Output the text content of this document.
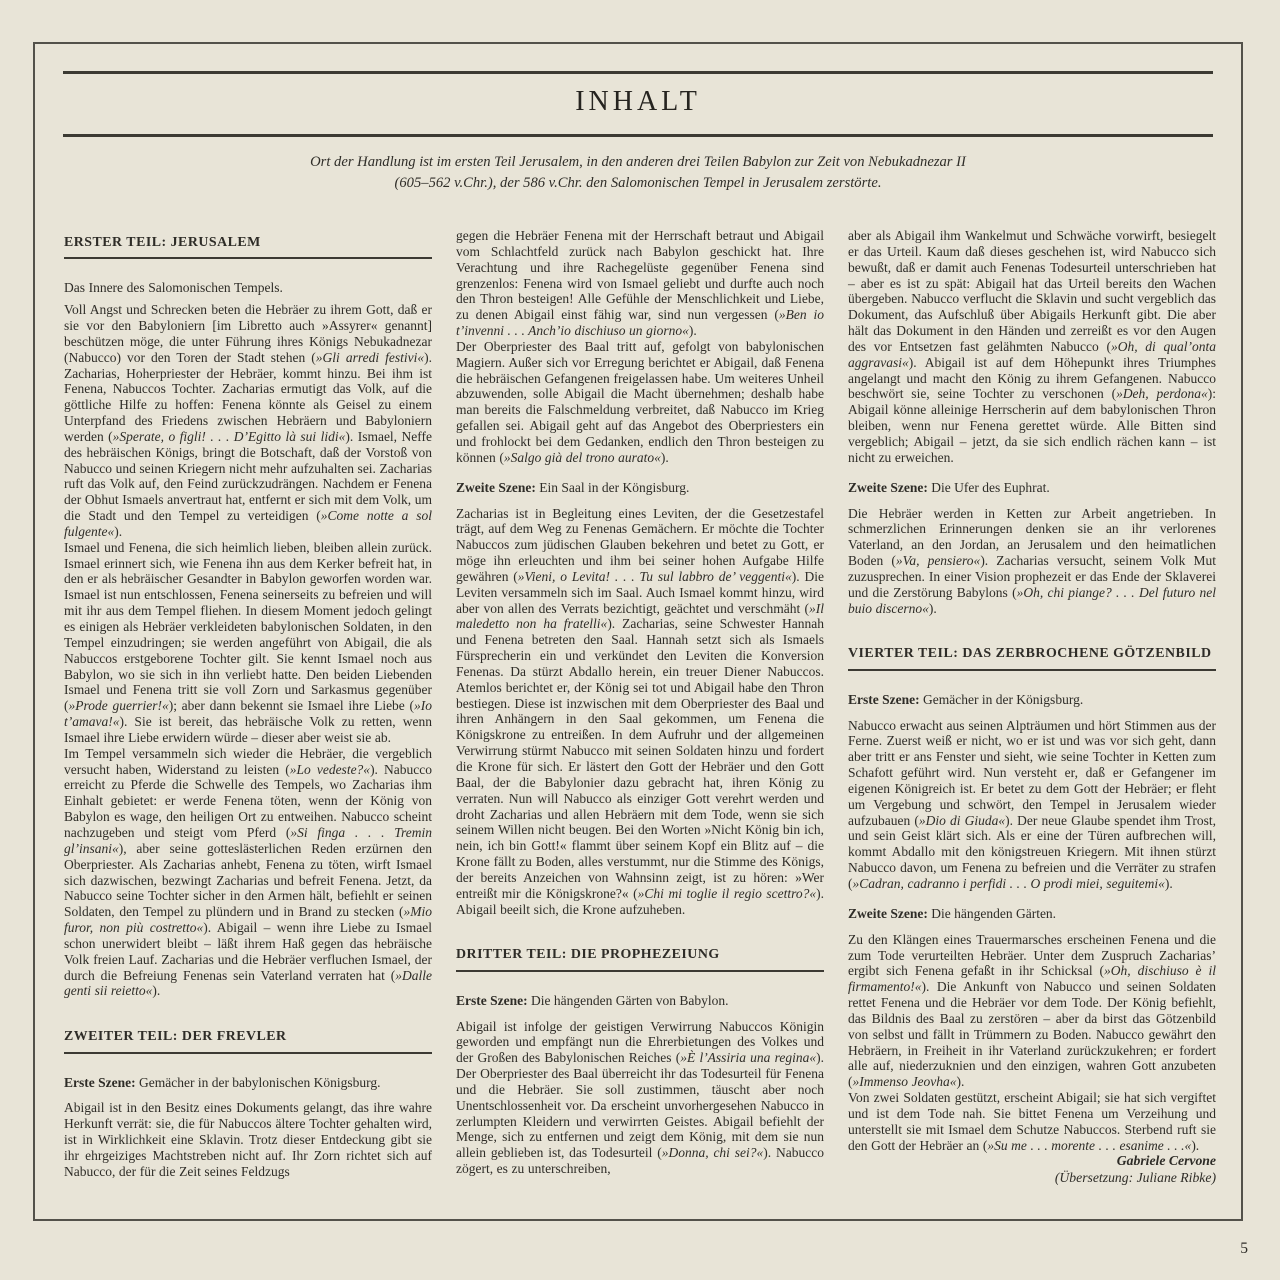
INHALT
Ort der Handlung ist im ersten Teil Jerusalem, in den anderen drei Teilen Babylon zur Zeit von Nebukadnezar II
(605–562 v.Chr.), der 586 v.Chr. den Salomonischen Tempel in Jerusalem zerstörte.
ERSTER TEIL: JERUSALEM

Das Innere des Salomonischen Tempels.

Voll Angst und Schrecken beten die Hebräer zu ihrem Gott, daß er sie vor den Babyloniern [im Libretto auch »Assyrer« genannt] beschützen möge, die unter Führung ihres Königs Nebukadnezar (Nabucco) vor den Toren der Stadt stehen (»Gli arredi festivi«). Zacharias, Hoherpriester der Hebräer, kommt hinzu. Bei ihm ist Fenena, Nabuccos Tochter. Zacharias ermutigt das Volk, auf die göttliche Hilfe zu hoffen: Fenena könnte als Geisel zu einem Unterpfand des Friedens zwischen Hebräern und Babyloniern werden (»Sperate, o figli! . . . D’Egitto là sui lidi«). Ismael, Neffe des hebräischen Königs, bringt die Botschaft, daß der Vorstoß von Nabucco und seinen Kriegern nicht mehr aufzuhalten sei. Zacharias ruft das Volk auf, den Feind zurückzudrängen. Nachdem er Fenena der Obhut Ismaels anvertraut hat, entfernt er sich mit dem Volk, um die Stadt und den Tempel zu verteidigen (»Come notte a sol fulgente«).

Ismael und Fenena, die sich heimlich lieben, bleiben allein zurück. Ismael erinnert sich, wie Fenena ihn aus dem Kerker befreit hat, in den er als hebräischer Gesandter in Babylon geworfen worden war. Ismael ist nun entschlossen, Fenena seinerseits zu befreien und will mit ihr aus dem Tempel fliehen. In diesem Moment jedoch gelingt es einigen als Hebräer verkleideten babylonischen Soldaten, in den Tempel einzudringen; sie werden angeführt von Abigail, die als Nabuccos erstgeborene Tochter gilt. Sie kennt Ismael noch aus Babylon, wo sie sich in ihn verliebt hatte. Den beiden Liebenden Ismael und Fenena tritt sie voll Zorn und Sarkasmus gegenüber (»Prode guerrier!«); aber dann bekennt sie Ismael ihre Liebe (»Io t’amava!«). Sie ist bereit, das hebräische Volk zu retten, wenn Ismael ihre Liebe erwidern würde – dieser aber weist sie ab.

Im Tempel versammeln sich wieder die Hebräer, die vergeblich versucht haben, Widerstand zu leisten (»Lo vedeste?«). Nabucco erreicht zu Pferde die Schwelle des Tempels, wo Zacharias ihm Einhalt gebietet: er werde Fenena töten, wenn der König von Babylon es wage, den heiligen Ort zu entweihen. Nabucco scheint nachzugeben und steigt vom Pferd (»Si finga . . . Tremin gl’insani«), aber seine gotteslästerlichen Reden erzürnen den Oberpriester. Als Zacharias anhebt, Fenena zu töten, wirft Ismael sich dazwischen, bezwingt Zacharias und befreit Fenena. Jetzt, da Nabucco seine Tochter sicher in den Armen hält, befiehlt er seinen Soldaten, den Tempel zu plündern und in Brand zu stecken (»Mio furor, non più costretto«). Abigail – wenn ihre Liebe zu Ismael schon unerwidert bleibt – läßt ihrem Haß gegen das hebräische Volk freien Lauf. Zacharias und die Hebräer verfluchen Ismael, der durch die Befreiung Fenenas sein Vaterland verraten hat (»Dalle genti sii reietto«).

ZWEITER TEIL: DER FREVLER

Erste Szene: Gemächer in der babylonischen Königsburg.

Abigail ist in den Besitz eines Dokuments gelangt, das ihre wahre Herkunft verrät: sie, die für Nabuccos ältere Tochter gehalten wird, ist in Wirklichkeit eine Sklavin. Trotz dieser Entdeckung gibt sie ihr ehrgeiziges Machtstreben nicht auf. Ihr Zorn richtet sich auf Nabucco, der für die Zeit seines Feldzugs

gegen die Hebräer Fenena mit der Herrschaft betraut und Abigail vom Schlachtfeld zurück nach Babylon geschickt hat. Ihre Verachtung und ihre Rachegelüste gegenüber Fenena sind grenzenlos: Fenena wird von Ismael geliebt und durfte auch noch den Thron besteigen! Alle Gefühle der Menschlichkeit und Liebe, zu denen Abigail einst fähig war, sind nun vergessen (»Ben io t’invenni . . . Anch’io dischiuso un giorno«).

Der Oberpriester des Baal tritt auf, gefolgt von babylonischen Magiern. Außer sich vor Erregung berichtet er Abigail, daß Fenena die hebräischen Gefangenen freigelassen habe. Um weiteres Unheil abzuwenden, solle Abigail die Macht übernehmen; deshalb habe man bereits die Falschmeldung verbreitet, daß Nabucco im Krieg gefallen sei. Abigail geht auf das Angebot des Oberpriesters ein und frohlockt bei dem Gedanken, endlich den Thron besteigen zu können (»Salgo già del trono aurato«).

Zweite Szene: Ein Saal in der Köngisburg.

Zacharias ist in Begleitung eines Leviten, der die Gesetzestafel trägt, auf dem Weg zu Fenenas Gemächern. Er möchte die Tochter Nabuccos zum jüdischen Glauben bekehren und betet zu Gott, er möge ihn erleuchten und ihm bei seiner hohen Aufgabe Hilfe gewähren (»Vieni, o Levita! . . . Tu sul labbro de’ veggenti«). Die Leviten versammeln sich im Saal. Auch Ismael kommt hinzu, wird aber von allen des Verrats bezichtigt, geächtet und verschmäht (»Il maledetto non ha fratelli«). Zacharias, seine Schwester Hannah und Fenena betreten den Saal. Hannah setzt sich als Ismaels Fürsprecherin ein und verkündet den Leviten die Konversion Fenenas. Da stürzt Abdallo herein, ein treuer Diener Nabuccos. Atemlos berichtet er, der König sei tot und Abigail habe den Thron bestiegen. Diese ist inzwischen mit dem Oberpriester des Baal und ihren Anhängern in den Saal gekommen, um Fenena die Königskrone zu entreißen. In dem Aufruhr und der allgemeinen Verwirrung stürmt Nabucco mit seinen Soldaten hinzu und fordert die Krone für sich. Er lästert den Gott der Hebräer und den Gott Baal, der die Babylonier dazu gebracht hat, ihren König zu verraten. Nun will Nabucco als einziger Gott verehrt werden und droht Zacharias und allen Hebräern mit dem Tode, wenn sie sich seinem Willen nicht beugen. Bei den Worten »Nicht König bin ich, nein, ich bin Gott!« flammt über seinem Kopf ein Blitz auf – die Krone fällt zu Boden, alles verstummt, nur die Stimme des Königs, der bereits Anzeichen von Wahnsinn zeigt, ist zu hören: »Wer entreißt mir die Königskrone?« (»Chi mi toglie il regio scettro?«). Abigail beeilt sich, die Krone aufzuheben.

DRITTER TEIL: DIE PROPHEZEIUNG

Erste Szene: Die hängenden Gärten von Babylon.

Abigail ist infolge der geistigen Verwirrung Nabuccos Königin geworden und empfängt nun die Ehrerbietungen des Volkes und der Großen des Babylonischen Reiches (»È l’Assiria una regina«). Der Oberpriester des Baal überreicht ihr das Todesurteil für Fenena und die Hebräer. Sie soll zustimmen, täuscht aber noch Unentschlossenheit vor. Da erscheint unvorhergesehen Nabucco in zerlumpten Kleidern und verwirrten Geistes. Abigail befiehlt der Menge, sich zu entfernen und zeigt dem König, mit dem sie nun allein geblieben ist, das Todesurteil (»Donna, chi sei?«). Nabucco zögert, es zu unterschreiben,

aber als Abigail ihm Wankelmut und Schwäche vorwirft, besiegelt er das Urteil. Kaum daß dieses geschehen ist, wird Nabucco sich bewußt, daß er damit auch Fenenas Todesurteil unterschrieben hat – aber es ist zu spät: Abigail hat das Urteil bereits den Wachen übergeben. Nabucco verflucht die Sklavin und sucht vergeblich das Dokument, das Aufschluß über Abigails Herkunft gibt. Die aber hält das Dokument in den Händen und zerreißt es vor den Augen des vor Entsetzen fast gelähmten Nabucco (»Oh, di qual’onta aggravasi«). Abigail ist auf dem Höhepunkt ihres Triumphes angelangt und macht den König zu ihrem Gefangenen. Nabucco beschwört sie, seine Tochter zu verschonen (»Deh, perdona«): Abigail könne alleinige Herrscherin auf dem babylonischen Thron bleiben, wenn nur Fenena gerettet würde. Alle Bitten sind vergeblich; Abigail – jetzt, da sie sich endlich rächen kann – ist nicht zu erweichen.

Zweite Szene: Die Ufer des Euphrat.

Die Hebräer werden in Ketten zur Arbeit angetrieben. In schmerzlichen Erinnerungen denken sie an ihr verlorenes Vaterland, an den Jordan, an Jerusalem und den heimatlichen Boden (»Va, pensiero«). Zacharias versucht, seinem Volk Mut zuzusprechen. In einer Vision prophezeit er das Ende der Sklaverei und die Zerstörung Babylons (»Oh, chi piange? . . . Del futuro nel buio discerno«).

VIERTER TEIL: DAS ZERBROCHENE GÖTZENBILD

Erste Szene: Gemächer in der Königsburg.

Nabucco erwacht aus seinen Alpträumen und hört Stimmen aus der Ferne. Zuerst weiß er nicht, wo er ist und was vor sich geht, dann aber tritt er ans Fenster und sieht, wie seine Tochter in Ketten zum Schafott geführt wird. Nun versteht er, daß er Gefangener im eigenen Königreich ist. Er betet zu dem Gott der Hebräer; er fleht um Vergebung und schwört, den Tempel in Jerusalem wieder aufzubauen (»Dio di Giuda«). Der neue Glaube spendet ihm Trost, und sein Geist klärt sich. Als er eine der Türen aufbrechen will, kommt Abdallo mit den königstreuen Kriegern. Mit ihnen stürzt Nabucco davon, um Fenena zu befreien und die Verräter zu strafen (»Cadran, cadranno i perfidi . . . O prodi miei, seguitemi«).

Zweite Szene: Die hängenden Gärten.

Zu den Klängen eines Trauermarsches erscheinen Fenena und die zum Tode verurteilten Hebräer. Unter dem Zuspruch Zacharias’ ergibt sich Fenena gefaßt in ihr Schicksal (»Oh, dischiuso è il firmamento!«). Die Ankunft von Nabucco und seinen Soldaten rettet Fenena und die Hebräer vor dem Tode. Der König befiehlt, das Bildnis des Baal zu zerstören – aber da birst das Götzenbild von selbst und fällt in Trümmern zu Boden. Nabucco gewährt den Hebräern, in Freiheit in ihr Vaterland zurückzukehren; er fordert alle auf, niederzuknien und den einzigen, wahren Gott anzubeten (»Immenso Jeovha«).

Von zwei Soldaten gestützt, erscheint Abigail; sie hat sich vergiftet und ist dem Tode nah. Sie bittet Fenena um Verzeihung und unterstellt sie mit Ismael dem Schutze Nabuccos. Sterbend ruft sie den Gott der Hebräer an (»Su me . . . morente . . . esanime . . .«).

Gabriele Cervone

(Übersetzung: Juliane Ribke)

5
